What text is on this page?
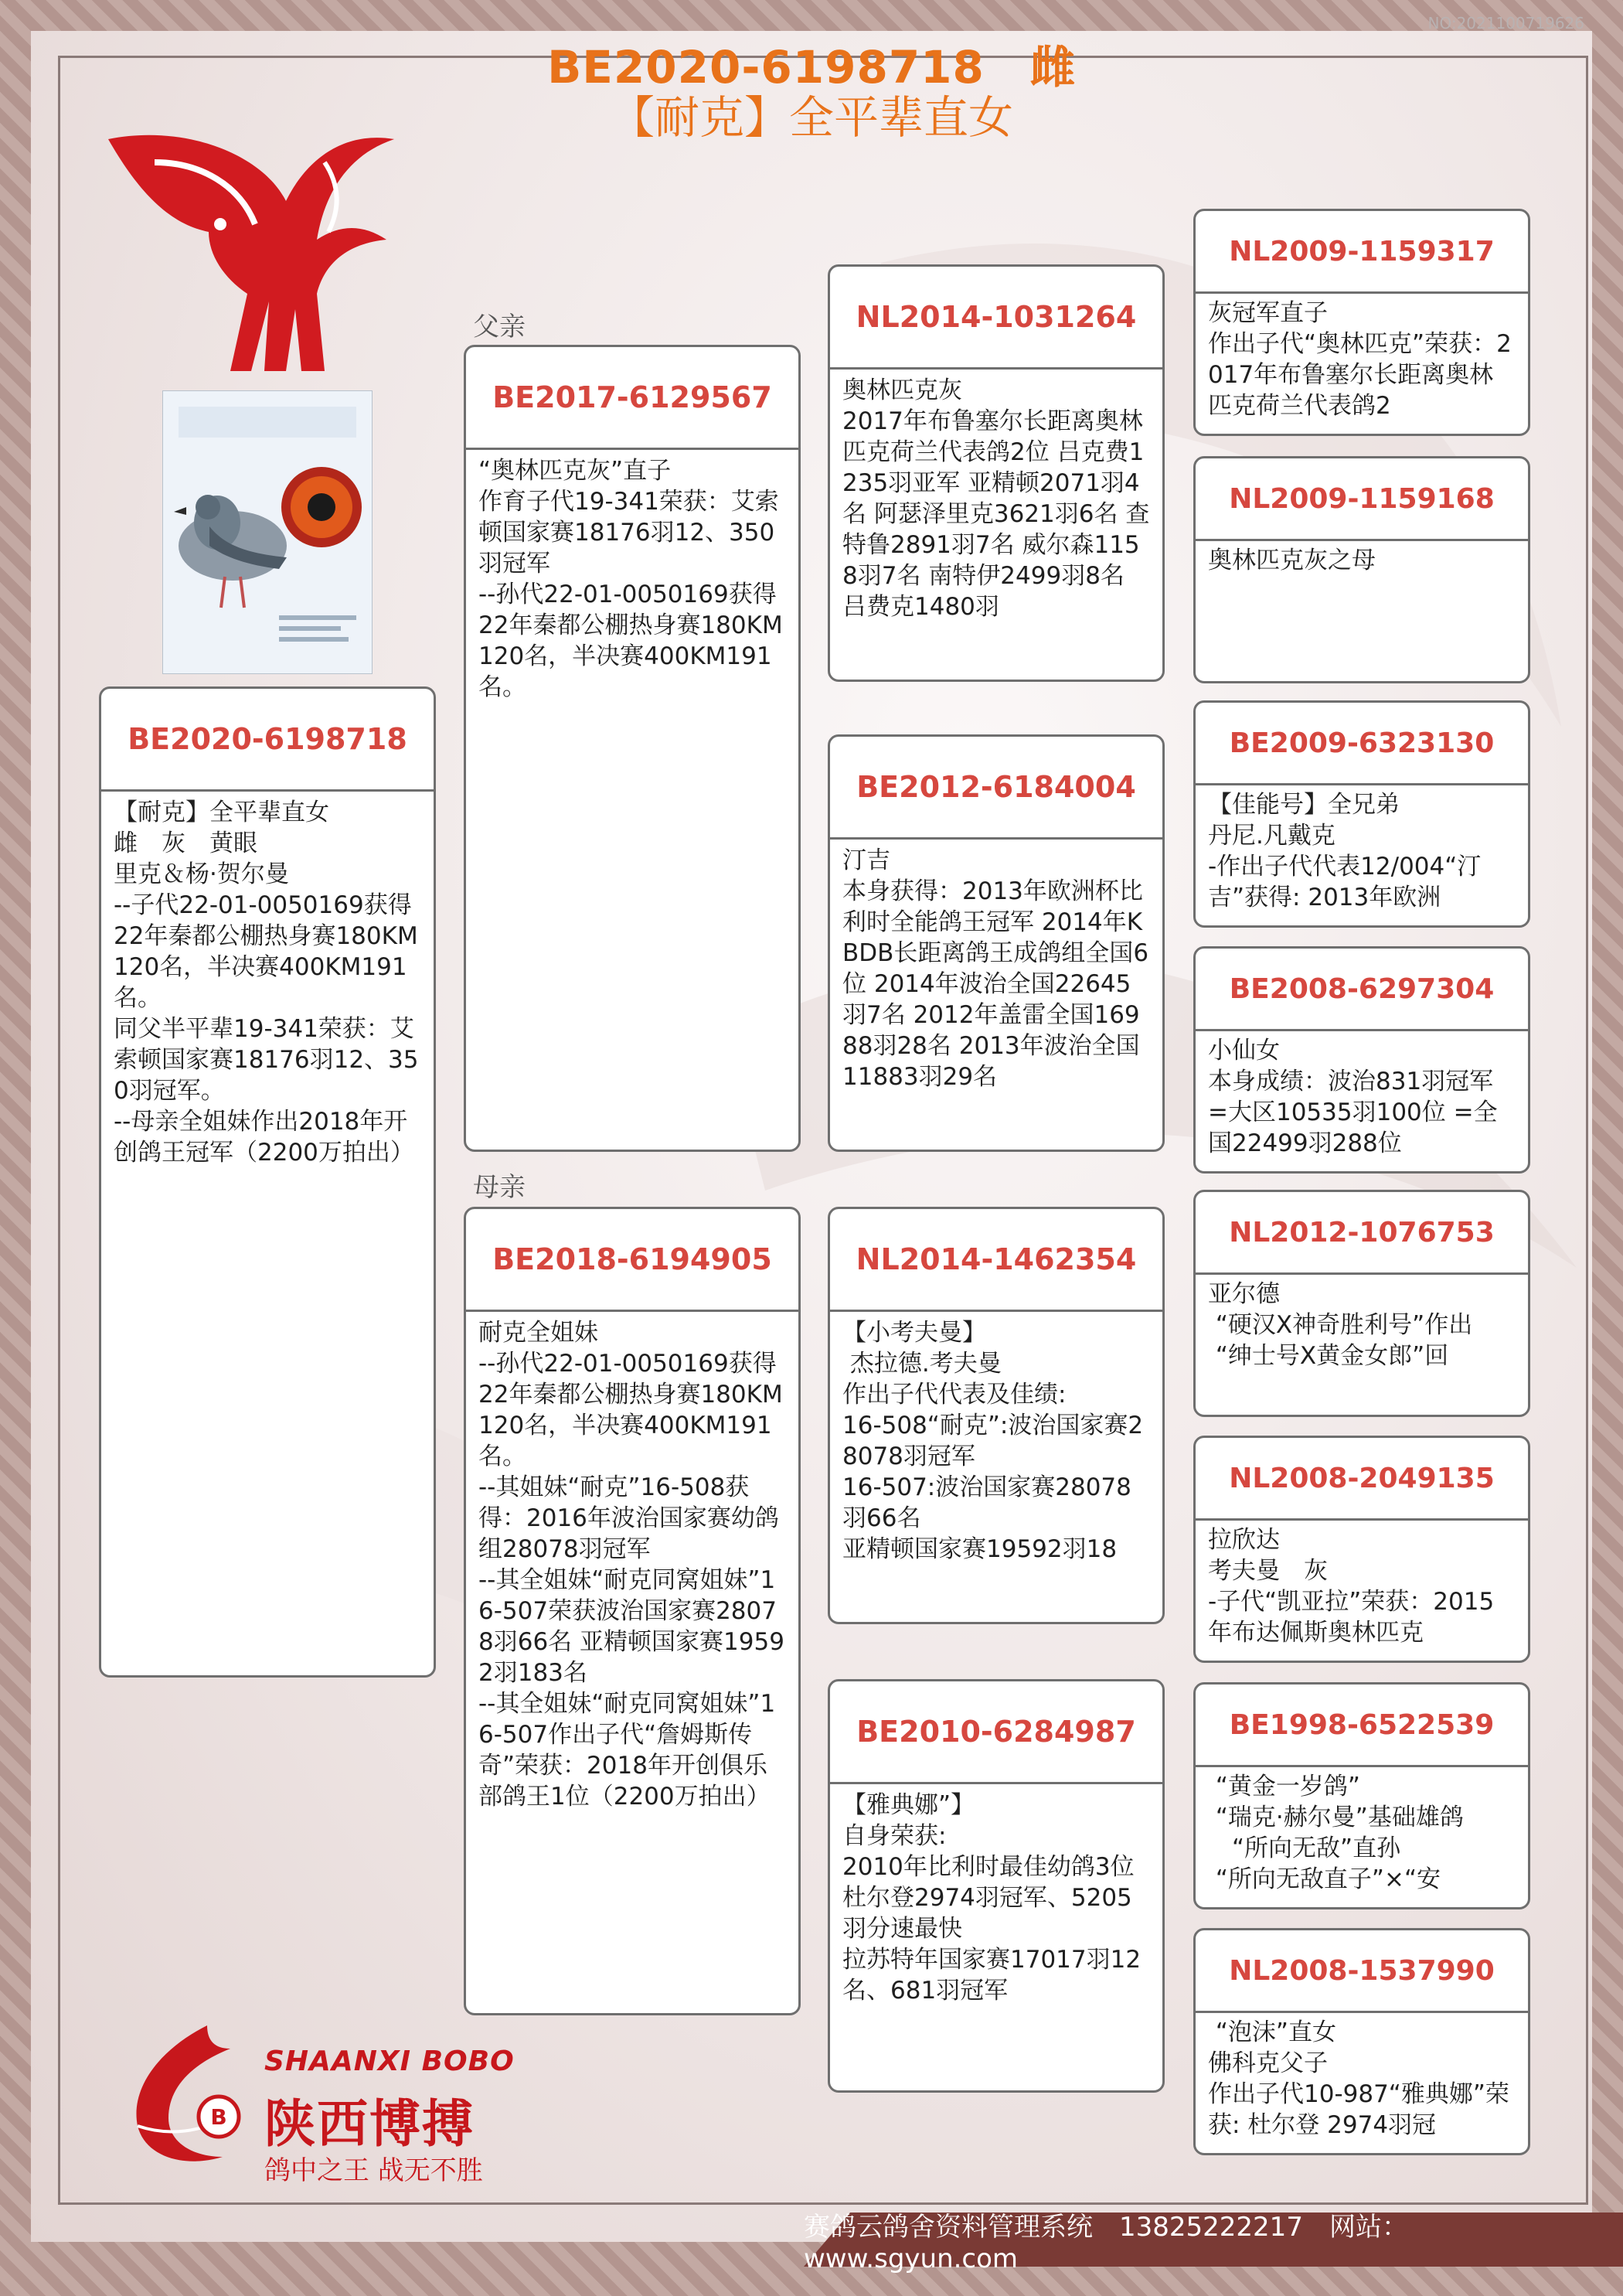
NO:2021100719626
BE2020-6198718　雌
【耐克】全平辈直女
父亲
母亲
BE2020-6198718
【耐克】全平辈直女
雌　灰　黄眼
里克＆杨·贺尔曼
--子代22-01-0050169获得22年秦都公棚热身赛180KM120名，半决赛400KM191名。
同父半平辈19-341荣获：艾索顿国家赛18176羽12、350羽冠军。
--母亲全姐妹作出2018年开创鸽王冠军（2200万拍出）
BE2017-6129567
“奥林匹克灰”直子
作育子代19-341荣获：艾索顿国家赛18176羽12、350羽冠军
--孙代22-01-0050169获得22年秦都公棚热身赛180KM120名，半决赛400KM191名。
BE2018-6194905
耐克全姐妹
--孙代22-01-0050169获得22年秦都公棚热身赛180KM120名，半决赛400KM191名。
--其姐妹“耐克”16-508获得：2016年波治国家赛幼鸽组28078羽冠军
--其全姐妹“耐克同窝姐妹”16-507荣获波治国家赛28078羽66名 亚精顿国家赛19592羽183名
--其全姐妹“耐克同窝姐妹”16-507作出子代“詹姆斯传奇”荣获：2018年开创俱乐部鸽王1位（2200万拍出）
NL2014-1031264
奥林匹克灰
2017年布鲁塞尔长距离奥林匹克荷兰代表鸽2位 吕克费1235羽亚军 亚精顿2071羽4名 阿瑟泽里克3621羽6名 查特鲁2891羽7名 威尔森1158羽7名 南特伊2499羽8名 吕费克1480羽
BE2012-6184004
汀吉
本身获得：2013年欧洲杯比利时全能鸽王冠军 2014年KBDB长距离鸽王成鸽组全国6位 2014年波治全国22645羽7名 2012年盖雷全国16988羽28名 2013年波治全国11883羽29名
NL2014-1462354
【小考夫曼】
杰拉德.考夫曼
作出子代代表及佳绩:
16-508“耐克”:波治国家赛28078羽冠军
16-507:波治国家赛28078羽66名
亚精顿国家赛19592羽18
BE2010-6284987
【雅典娜”】
自身荣获:
2010年比利时最佳幼鸽3位
杜尔登2974羽冠军、5205 羽分速最快
拉苏特年国家赛17017羽12名、681羽冠军
NL2009-1159317
灰冠军直子
作出子代“奥林匹克”荣获：2017年布鲁塞尔长距离奥林匹克荷兰代表鸽2
NL2009-1159168
奥林匹克灰之母
BE2009-6323130
【佳能号】全兄弟
丹尼.凡戴克
-作出子代代表12/004“汀吉”获得: 2013年欧洲
BE2008-6297304
小仙女
本身成绩：波治831羽冠军 =大区10535羽100位 =全国22499羽288位
NL2012-1076753
亚尔德
“硬汉X神奇胜利号”作出
“绅士号X黄金女郎”回
NL2008-2049135
拉欣达
考夫曼　灰
-子代“凯亚拉”荣获：2015年布达佩斯奥林匹克
BE1998-6522539
“黄金一岁鸽”
“瑞克·赫尔曼”基础雄鸽
　“所向无敌”直孙
“所向无敌直子”×“安
NL2008-1537990
“泡沫”直女
佛科克父子
作出子代10-987“雅典娜”荣获: 杜尔登 2974羽冠
B
SHAANXI BOBO
陕西博搏
鸽中之王 战无不胜
赛鸽云鸽舍资料管理系统　13825222217　网站：www.sgyun.com
